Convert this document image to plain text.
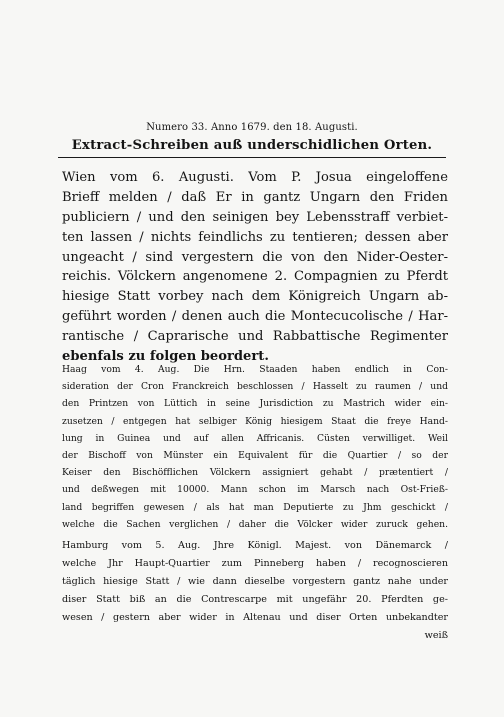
Numero 33. Anno 1679. den 18. Augusti.
Extract-Schreiben auß underschidlichen Orten.
Wien vom 6. Augusti. Vom P. Josua eingeloffene
Brieff melden / daß Er in gantz Ungarn den Friden
publiciern / und den seinigen bey Lebensstraff verbiet-
ten lassen / nichts feindlichs zu tentieren; dessen aber
ungeacht / sind vergestern die von den Nider-Oester-
reichis. Völckern angenomene 2. Compagnien zu Pferdt
hiesige Statt vorbey nach dem Königreich Ungarn ab-
geführt worden / denen auch die Montecucolische / Har-
rantische / Caprarische und Rabbattische Regimenter
ebenfals zu folgen beordert.
Haag vom 4. Aug. Die Hrn. Staaden haben endlich in Con-
sideration der Cron Franckreich beschlossen / Hasselt zu raumen / und
den Printzen von Lüttich in seine Jurisdiction zu Mastrich wider ein-
zusetzen / entgegen hat selbiger König hiesigem Staat die freye Hand-
lung in Guinea und auf allen Affricanis. Cüsten verwilliget. Weil
der Bischoff von Münster ein Equivalent für die Quartier / so der
Keiser den Bischöfflichen Völckern assigniert gehabt / prætentiert /
und deßwegen mit 10000. Mann schon im Marsch nach Ost-Frieß-
land begriffen gewesen / als hat man Deputierte zu Jhm geschickt /
welche die Sachen verglichen / daher die Völcker wider zuruck gehen.
Hamburg vom 5. Aug. Jhre Königl. Majest. von Dänemarck /
welche Jhr Haupt-Quartier zum Pinneberg haben / recognoscieren
täglich hiesige Statt / wie dann dieselbe vorgestern gantz nahe under
diser Statt biß an die Contrescarpe mit ungefähr 20. Pferdten ge-
wesen / gestern aber wider in Altenau und diser Orten unbekandter
weiß
